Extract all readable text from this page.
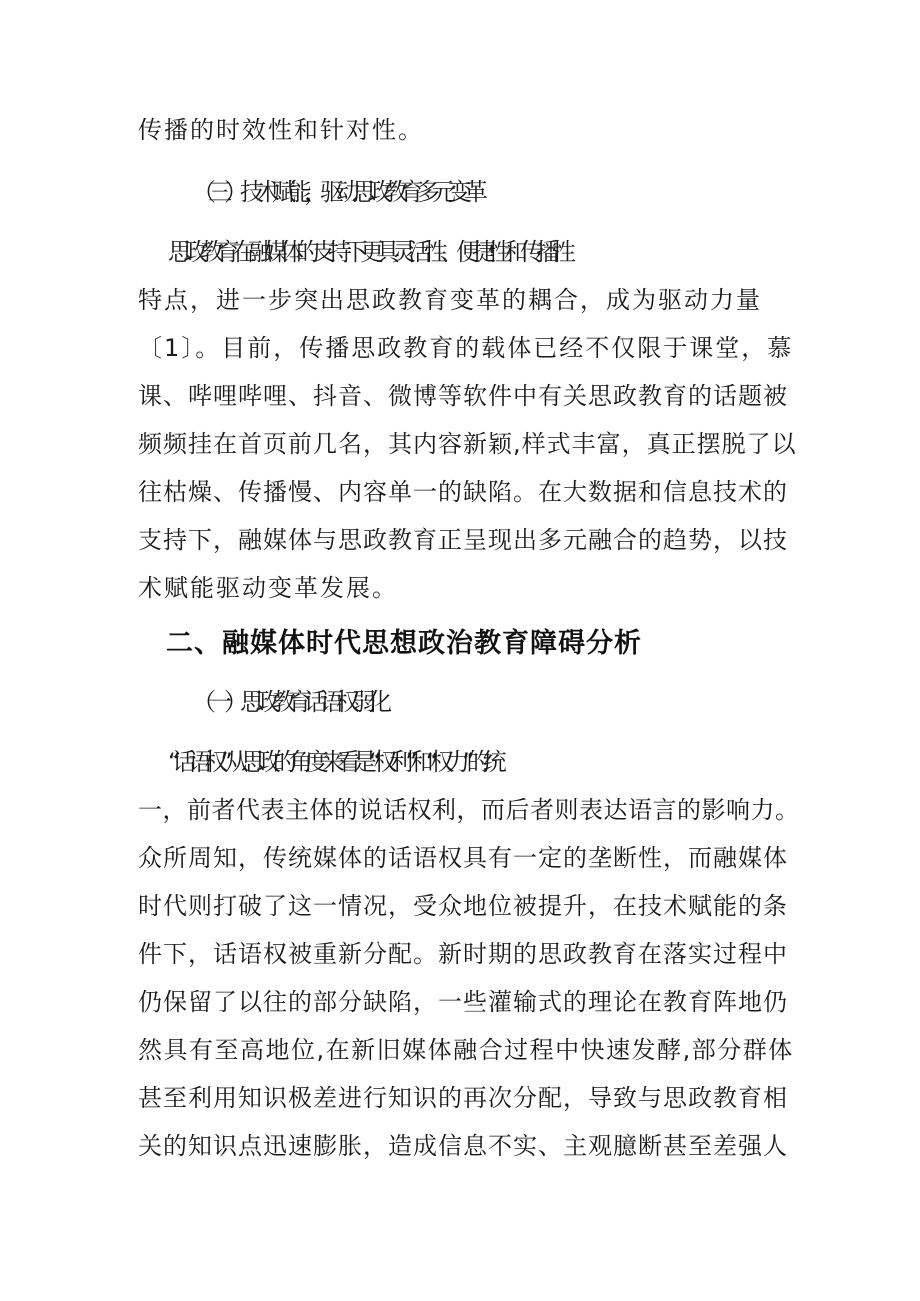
传播的时效性和针对性。
（三）技术赋能，驱动思政教育多元变革
思政教育在融媒体的支持下更具灵活性、便捷性和传播性
特点，进一步突出思政教育变革的耦合，成为驱动力量
〔1〕。目前，传播思政教育的载体已经不仅限于课堂，慕
课、哔哩哔哩、抖音、微博等软件中有关思政教育的话题被
频频挂在首页前几名，其内容新颖,样式丰富，真正摆脱了以
往枯燥、传播慢、内容单一的缺陷。在大数据和信息技术的
支持下，融媒体与思政教育正呈现出多元融合的趋势，以技
术赋能驱动变革发展。
二、融媒体时代思想政治教育障碍分析
（一）思政教育话语权弱化
“话语权”从思政的角度来看是“权利”和“权力”的统
一，前者代表主体的说话权利，而后者则表达语言的影响力。
众所周知，传统媒体的话语权具有一定的垄断性，而融媒体
时代则打破了这一情况，受众地位被提升，在技术赋能的条
件下，话语权被重新分配。新时期的思政教育在落实过程中
仍保留了以往的部分缺陷，一些灌输式的理论在教育阵地仍
然具有至高地位,在新旧媒体融合过程中快速发酵,部分群体
甚至利用知识极差进行知识的再次分配，导致与思政教育相
关的知识点迅速膨胀，造成信息不实、主观臆断甚至差强人
